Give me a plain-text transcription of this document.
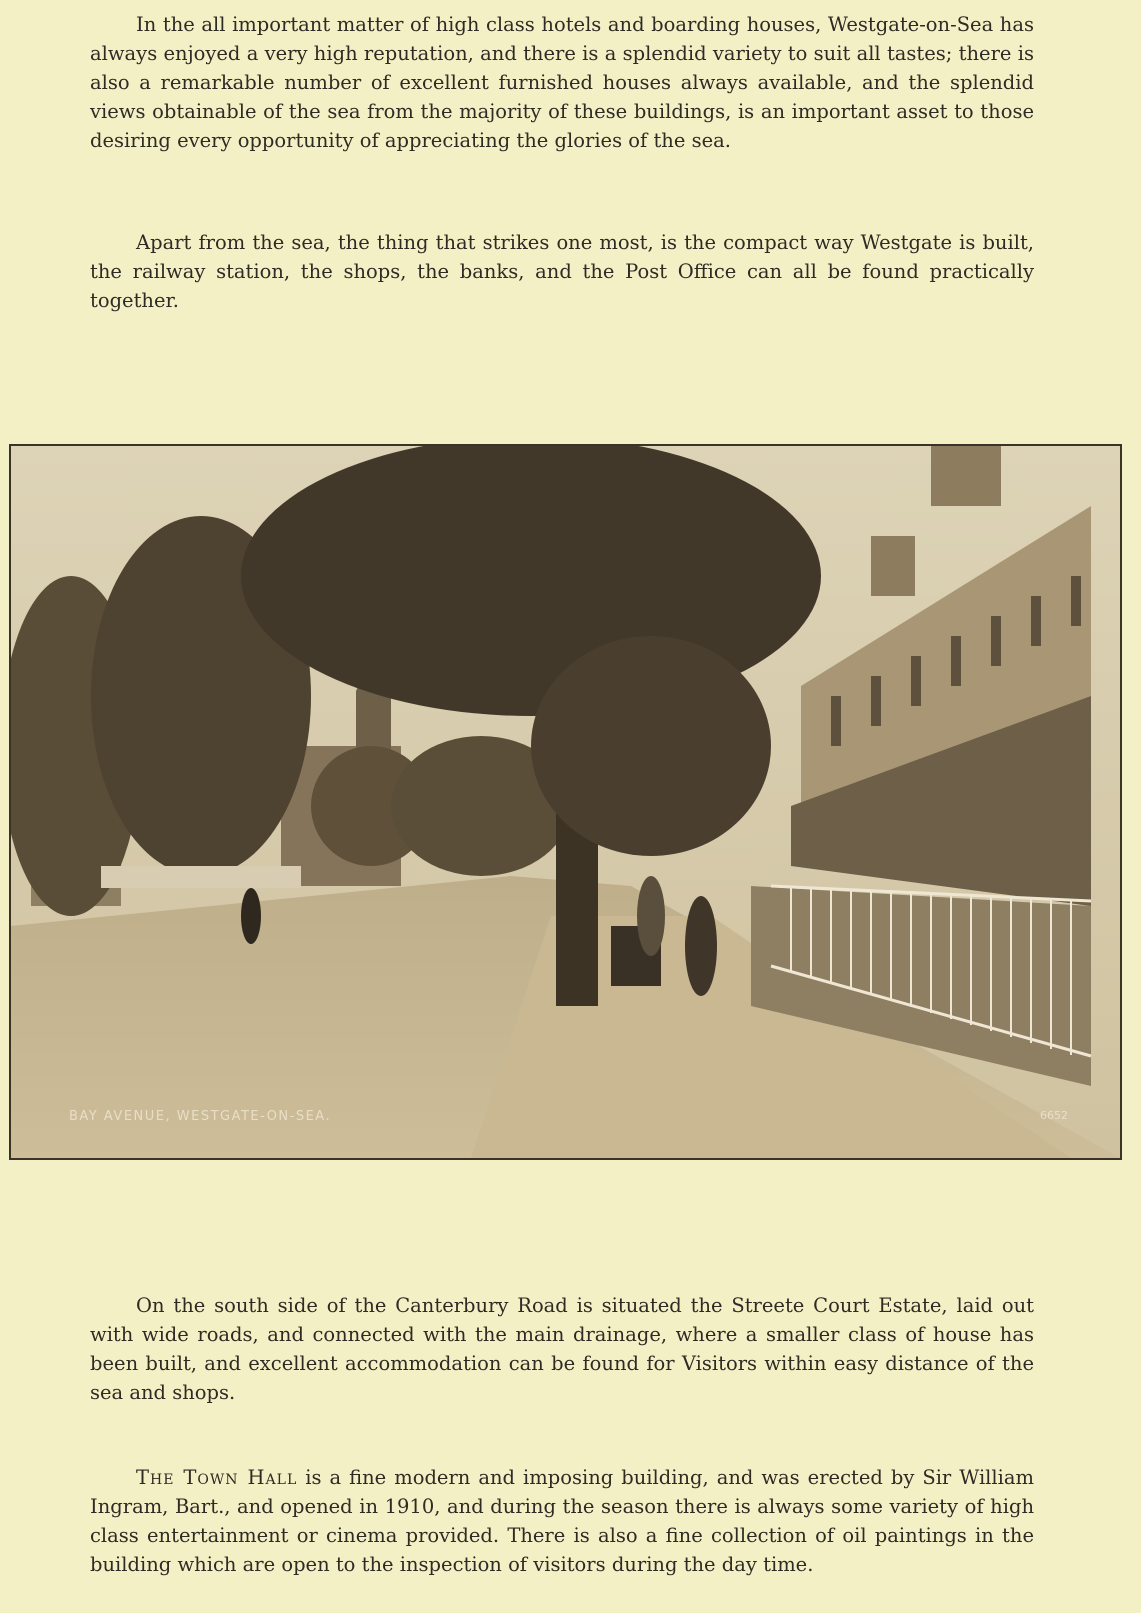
In the all important matter of high class hotels and boarding houses, Westgate-on-Sea has always enjoyed a very high reputation, and there is a splendid variety to suit all tastes; there is also a remarkable number of excellent furnished houses always available, and the splendid views obtainable of the sea from the majority of these buildings, is an important asset to those desiring every opportunity of appreciating the glories of the sea.

Apart from the sea, the thing that strikes one most, is the compact way Westgate is built, the railway station, the shops, the banks, and the Post Office can all be found practically together.

BAY AVENUE, WESTGATE-ON-SEA.	6652

On the south side of the Canterbury Road is situated the Streete Court Estate, laid out with wide roads, and connected with the main drainage, where a smaller class of house has been built, and excellent accommodation can be found for Visitors within easy distance of the sea and shops.

The Town Hall is a fine modern and imposing building, and was erected by Sir William Ingram, Bart., and opened in 1910, and during the season there is always some variety of high class entertainment or cinema provided. There is also a fine collection of oil paintings in the building which are open to the inspection of visitors during the day time.
